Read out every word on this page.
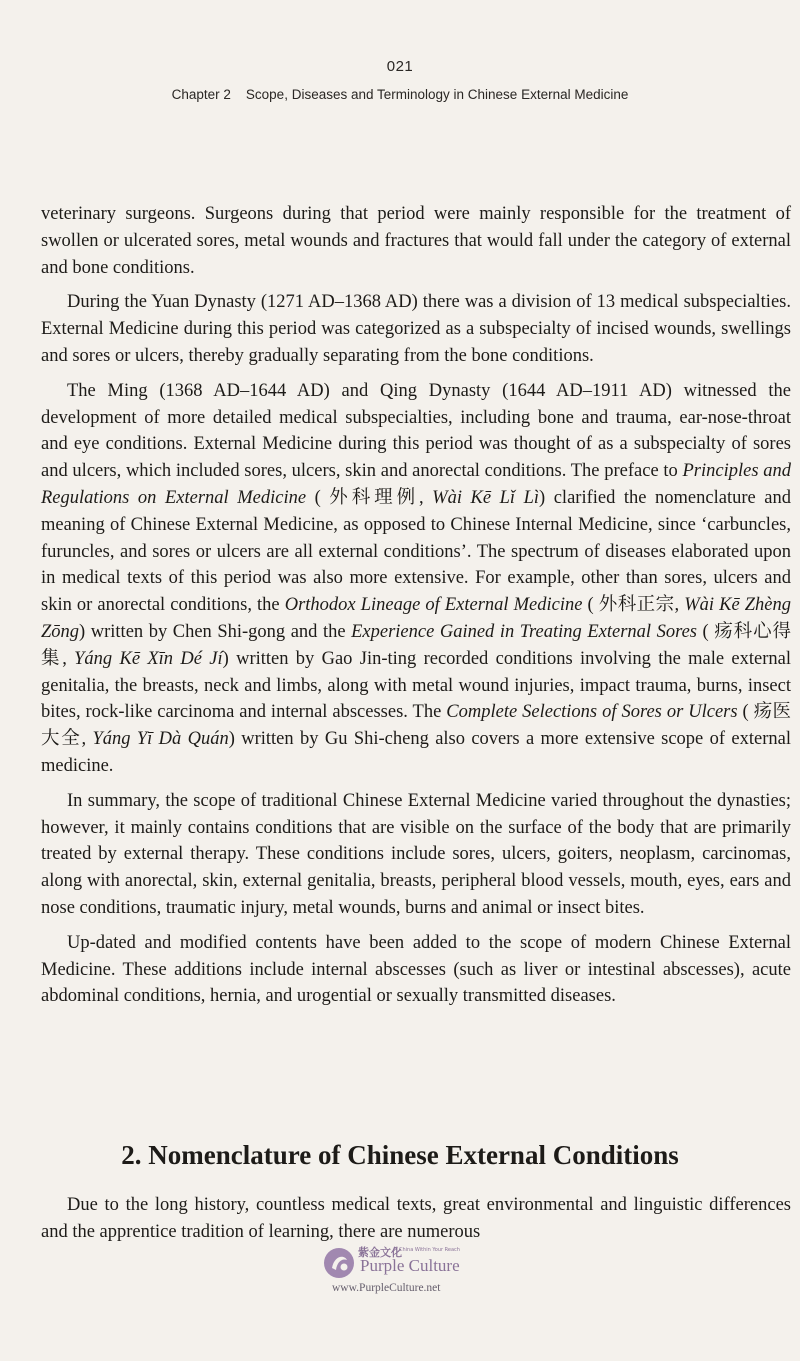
021
Chapter 2    Scope, Diseases and Terminology in Chinese External Medicine

veterinary surgeons. Surgeons during that period were mainly responsible for the treatment of swollen or ulcerated sores, metal wounds and fractures that would fall under the category of external and bone conditions.

During the Yuan Dynasty (1271 AD–1368 AD) there was a division of 13 medical subspecialties. External Medicine during this period was categorized as a subspecialty of incised wounds, swellings and sores or ulcers, thereby gradually separating from the bone conditions.

The Ming (1368 AD–1644 AD) and Qing Dynasty (1644 AD–1911 AD) witnessed the development of more detailed medical subspecialties, including bone and trauma, ear-nose-throat and eye conditions. External Medicine during this period was thought of as a subspecialty of sores and ulcers, which included sores, ulcers, skin and anorectal conditions. The preface to Principles and Regulations on External Medicine ( 外科理例, Wài Kē Lǐ Lì) clarified the nomenclature and meaning of Chinese External Medicine, as opposed to Chinese Internal Medicine, since ‘carbuncles, furuncles, and sores or ulcers are all external conditions’. The spectrum of diseases elaborated upon in medical texts of this period was also more extensive. For example, other than sores, ulcers and skin or anorectal conditions, the Orthodox Lineage of External Medicine ( 外科正宗, Wài Kē Zhèng Zōng) written by Chen Shi-gong and the Experience Gained in Treating External Sores ( 疡科心得集, Yáng Kē Xīn Dé Jí) written by Gao Jin-ting recorded conditions involving the male external genitalia, the breasts, neck and limbs, along with metal wound injuries, impact trauma, burns, insect bites, rock-like carcinoma and internal abscesses. The Complete Selections of Sores or Ulcers ( 疡医大全, Yáng Yī Dà Quán) written by Gu Shi-cheng also covers a more extensive scope of external medicine.

In summary, the scope of traditional Chinese External Medicine varied throughout the dynasties; however, it mainly contains conditions that are visible on the surface of the body that are primarily treated by external therapy. These conditions include sores, ulcers, goiters, neoplasm, carcinomas, along with anorectal, skin, external genitalia, breasts, peripheral blood vessels, mouth, eyes, ears and nose conditions, traumatic injury, metal wounds, burns and animal or insect bites.

Up-dated and modified contents have been added to the scope of modern Chinese External Medicine. These additions include internal abscesses (such as liver or intestinal abscesses), acute abdominal conditions, hernia, and urogential or sexually transmitted diseases.

2. Nomenclature of Chinese External Conditions

Due to the long history, countless medical texts, great environmental and linguistic differences and the apprentice tradition of learning, there are numerous

紫金文化
A China Within Your Reach
Purple Culture
www.PurpleCulture.net
